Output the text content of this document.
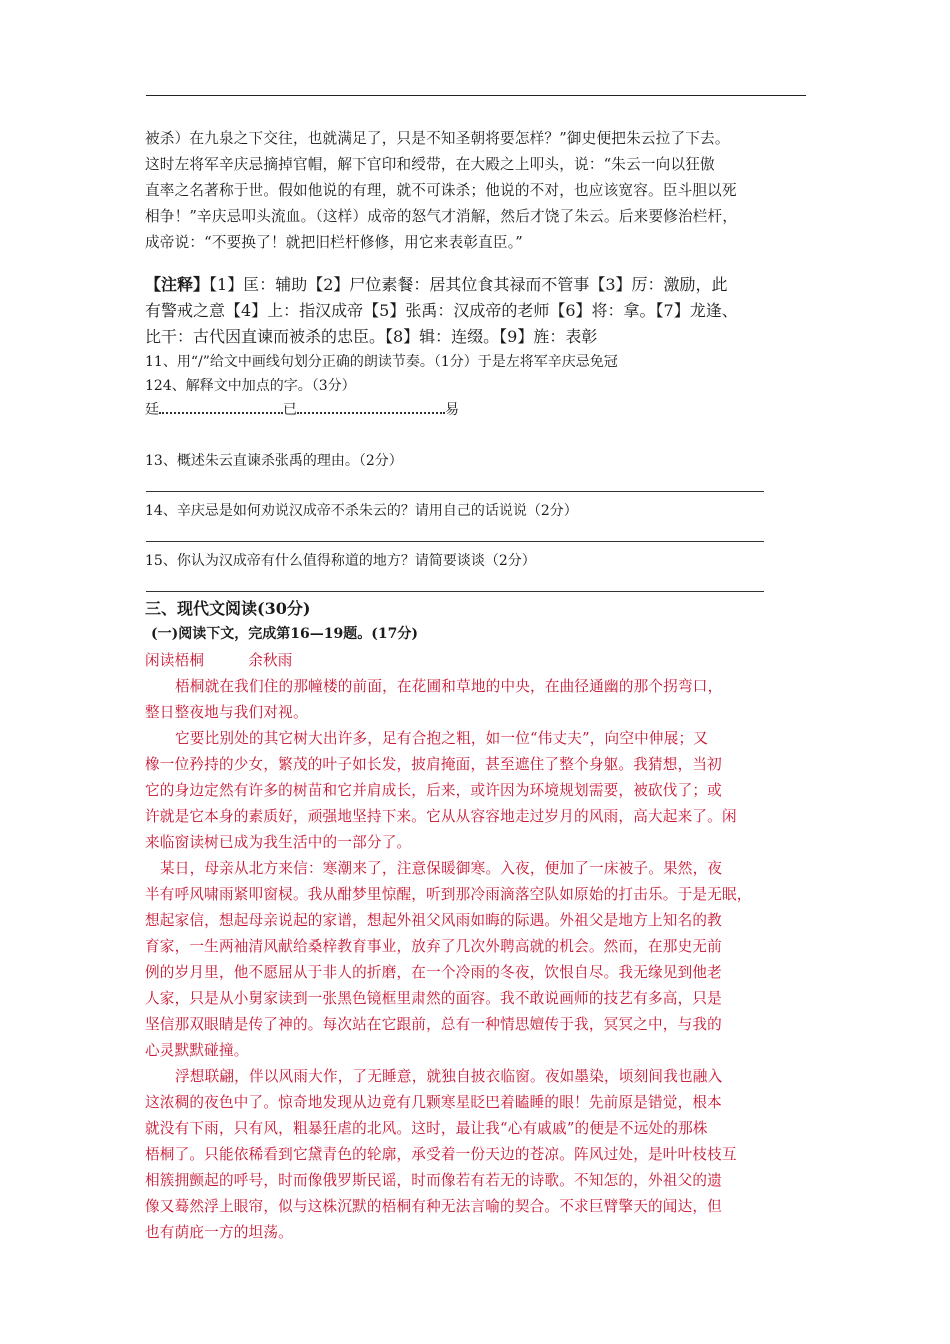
被杀）在九泉之下交往，也就满足了，只是不知圣朝将要怎样？”御史便把朱云拉了下去。
这时左将军辛庆忌摘掉官帽，解下官印和绶带，在大殿之上叩头，说：“朱云一向以狂傲
直率之名著称于世。假如他说的有理，就不可诛杀；他说的不对，也应该宽容。臣斗胆以死
相争！”辛庆忌叩头流血。（这样）成帝的怒气才消解，然后才饶了朱云。后来要修治栏杆，
成帝说：“不要换了！就把旧栏杆修修，用它来表彰直臣。”
【注释】【1】匡：辅助【2】尸位素餐：居其位食其禄而不管事【3】厉：激励，此
有警戒之意【4】上：指汉成帝【5】张禹：汉成帝的老师【6】将：拿。【7】龙逢、
比干：古代因直谏而被杀的忠臣。【8】辑：连缀。【9】旌：表彰
11、用“/”给文中画线句划分正确的朗读节奏。（1分）于是左将军辛庆忌免冠
124、解释文中加点的字。（3分）
廷	已	易
13、概述朱云直谏杀张禹的理由。（2分）
14、辛庆忌是如何劝说汉成帝不杀朱云的？请用自己的话说说（2分）
15、你认为汉成帝有什么值得称道的地方？请简要谈谈（2分）
三、现代文阅读(30分)
(一)阅读下文，完成第16—19题。(17分)
闲读梧桐	余秋雨
梧桐就在我们住的那幢楼的前面，在花圃和草地的中央，在曲径通幽的那个拐弯口，
整日整夜地与我们对视。
它要比别处的其它树大出许多，足有合抱之粗，如一位“伟丈夫”，向空中伸展；又
橡一位矜持的少女，繁茂的叶子如长发，披肩掩面，甚至遮住了整个身躯。我猜想，当初
它的身边定然有许多的树苗和它并肩成长，后来，或许因为环境规划需要，被砍伐了；或
许就是它本身的素质好，顽强地坚持下来。它从从容容地走过岁月的风雨，高大起来了。闲
来临窗读树已成为我生活中的一部分了。
某日，母亲从北方来信：寒潮来了，注意保暖御寒。入夜，便加了一床被子。果然，夜
半有呼风啸雨紧叩窗棂。我从酣梦里惊醒，听到那冷雨滴落空队如原始的打击乐。于是无眠，
想起家信，想起母亲说起的家谱，想起外祖父风雨如晦的际遇。外祖父是地方上知名的教
育家，一生两袖清风献给桑梓教育事业，放弃了几次外聘高就的机会。然而，在那史无前
例的岁月里，他不愿屈从于非人的折磨，在一个冷雨的冬夜，饮恨自尽。我无缘见到他老
人家，只是从小舅家读到一张黑色镜框里肃然的面容。我不敢说画师的技艺有多高，只是
坚信那双眼睛是传了神的。每次站在它跟前，总有一种情思嬗传于我，冥冥之中，与我的
心灵默默碰撞。
浮想联翩，伴以风雨大作，了无睡意，就独自披衣临窗。夜如墨染，顷刻间我也融入
这浓稠的夜色中了。惊奇地发现从边竟有几颗寒星眨巴着瞌睡的眼！先前原是错觉，根本
就没有下雨，只有风，粗暴狂虐的北风。这时，最让我“心有戚戚”的便是不远处的那株
梧桐了。只能依稀看到它黛青色的轮廓，承受着一份天边的苍凉。阵风过处，是叶叶枝枝互
相簇拥颤起的呼号，时而像俄罗斯民谣，时而像若有若无的诗歌。不知怎的，外祖父的遗
像又蓦然浮上眼帘，似与这株沉默的梧桐有种无法言喻的契合。不求巨臂擎天的闻达，但
也有荫庇一方的坦荡。
